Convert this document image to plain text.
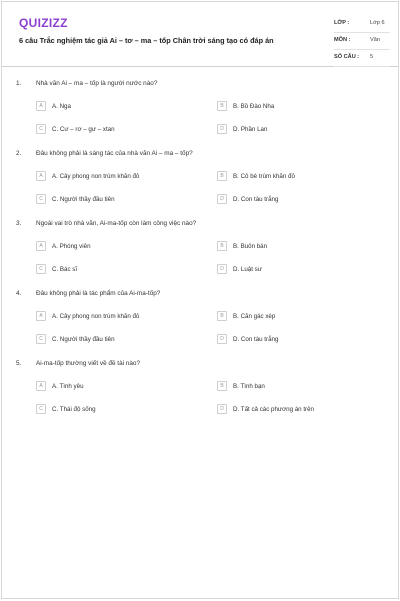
QUIZIZZ
6 câu Trắc nghiệm tác giả Ai – tơ – ma – tốp Chân trời sáng tạo có đáp án
LỚP :	Lớp 6
MÔN :	Văn
SỐ CÂU : 5
1. Nhà văn Ai – ma – tốp là người nước nào?
A	A. Nga	B	B. Bồ Đào Nha
C	C. Cư – rơ – gư – xtan	D	D. Phần Lan
2. Đâu không phải là sáng tác của nhà văn Ai – ma – tốp?
A	A. Cây phong non trùm khăn đỏ	B	B. Cô bé trùm khăn đỏ
C	C. Người thầy đầu tiên	D	D. Con tàu trắng
3. Ngoài vai trò nhà văn, Ai-ma-tốp còn làm công việc nào?
A	A. Phóng viên	B	B. Buôn bán
C	C. Bác sĩ	D	D. Luật sư
4. Đâu không phải là tác phẩm của Ai-ma-tốp?
A	A. Cây phong non trùm khăn đỏ	B	B. Căn gác xép
C	C. Người thầy đầu tiên	D	D. Con tàu trắng
5. Ai-ma-tốp thường viết về đề tài nào?
A	A. Tình yêu	B	B. Tình bạn
C	C. Thái độ sống	D	D. Tất cả các phương án trên
